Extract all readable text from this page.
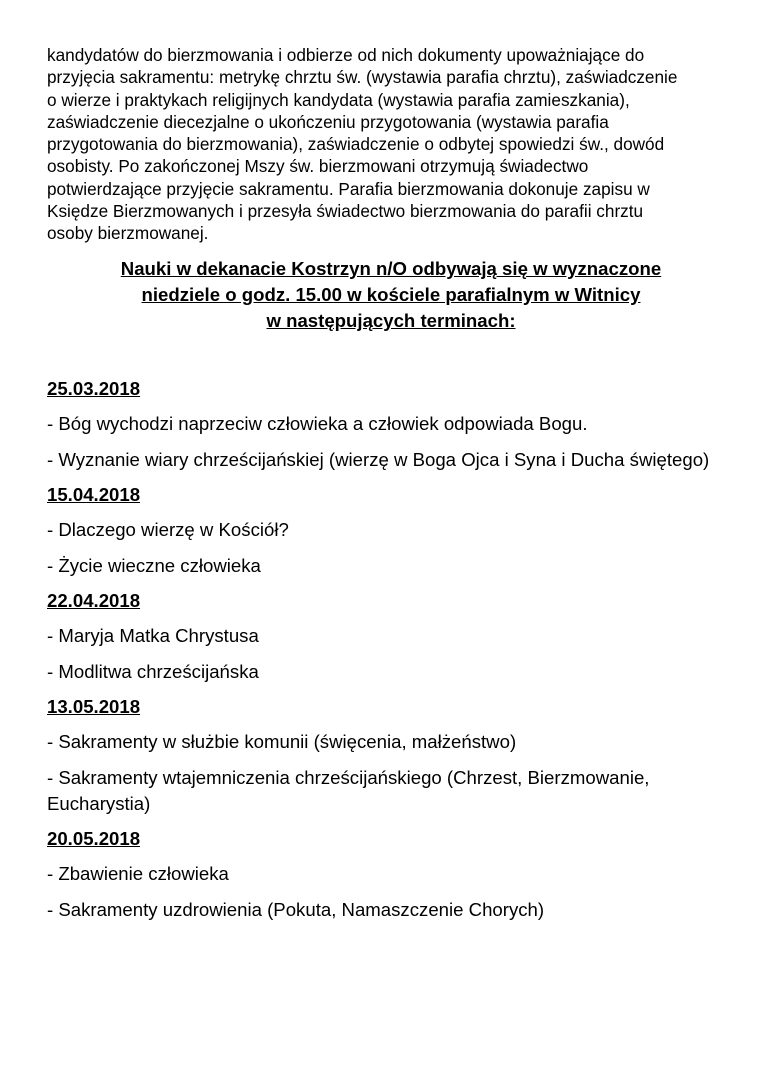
kandydatów do bierzmowania i odbierze od nich dokumenty upoważniające do

przyjęcia sakramentu: metrykę chrztu św. (wystawia parafia chrztu), zaświadczenie

o wierze i praktykach religijnych kandydata (wystawia parafia zamieszkania),

zaświadczenie diecezjalne o ukończeniu przygotowania (wystawia parafia

przygotowania do bierzmowania), zaświadczenie o odbytej spowiedzi św., dowód

osobisty. Po zakończonej Mszy św. bierzmowani otrzymują świadectwo

potwierdzające przyjęcie sakramentu. Parafia bierzmowania dokonuje zapisu w

Księdze Bierzmowanych i przesyła świadectwo bierzmowania do parafii chrztu

osoby bierzmowanej.

Nauki w dekanacie Kostrzyn n/O odbywają się w wyznaczone

niedziele o godz. 15.00 w kościele parafialnym w Witnicy

w następujących terminach:

25.03.2018

- Bóg wychodzi naprzeciw człowieka a człowiek odpowiada Bogu.

- Wyznanie wiary chrześcijańskiej (wierzę w Boga Ojca i Syna i Ducha świętego)

15.04.2018

- Dlaczego wierzę w Kościół?

- Życie wieczne człowieka

22.04.2018

- Maryja Matka Chrystusa

- Modlitwa chrześcijańska

13.05.2018

- Sakramenty w służbie komunii (święcenia, małżeństwo)

- Sakramenty wtajemniczenia chrześcijańskiego (Chrzest, Bierzmowanie, Eucharystia)

20.05.2018

- Zbawienie człowieka

- Sakramenty uzdrowienia (Pokuta, Namaszczenie Chorych)
